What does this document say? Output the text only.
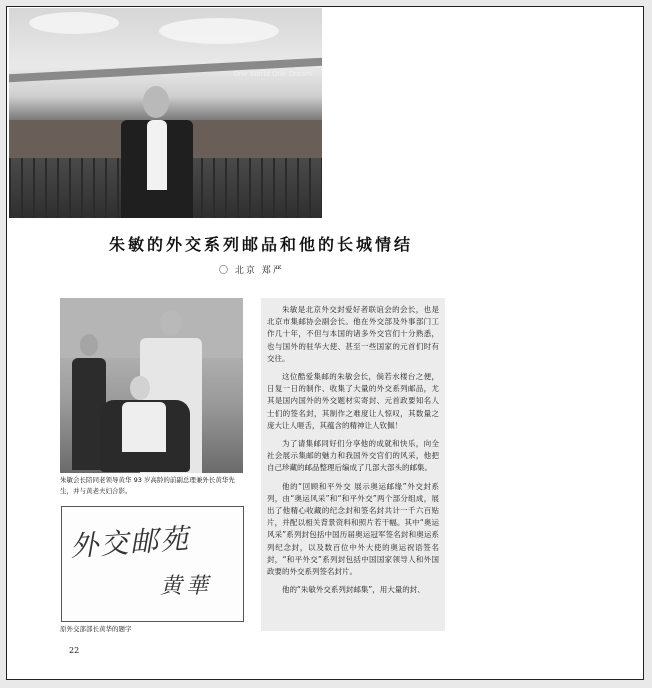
One World One Dream
朱敏的外交系列邮品和他的长城情结
〇 北京 郑严
朱敏会长陪同老领导黄华 93 岁高龄的前副总理兼外长黄华先生，并与黄老夫妇合影。
外交邮苑
黄華
原外交部部长黄华的题字

朱敏是北京外交封爱好者联谊会的会长，也是北京市集邮协会副会长。他在外交部及外事部门工作几十年，不但与本国的诸多外交官们十分熟悉，也与国外的驻华大使、甚至一些国家的元首们时有交往。

这位酷爱集邮的朱敏会长，倘若水楼台之便，日复一日的制作、收集了大量的外交系列邮品，尤其是国内国外的外交题材实寄封、元首政要知名人士们的签名封，其制作之难度让人惊叹，其数量之庞大让人咂舌，其蕴含的精神让人钦佩！

为了请集邮同好们分享他的成就和快乐，向全社会展示集邮的魅力和我国外交官们的风采，他把自己珍藏的邮品整理后编成了几部大部头的邮集。

他的“回顾和平外交 展示奥运邮缘”外交封系列，由“奥运风采”和“和平外交”两个部分组成，展出了他精心收藏的纪念封和签名封共计一千六百贴片，并配以相关背景资料和照片若干幅。其中“奥运风采”系列封包括中国历届奥运冠军签名封和奥运系列纪念封，以及数百位中外大使的奥运祝语签名封，“和平外交”系列封包括中国国家领导人和外国政要的外交系列签名封片。

他的“朱敏外交系列封邮集”，用大量的封、

22
